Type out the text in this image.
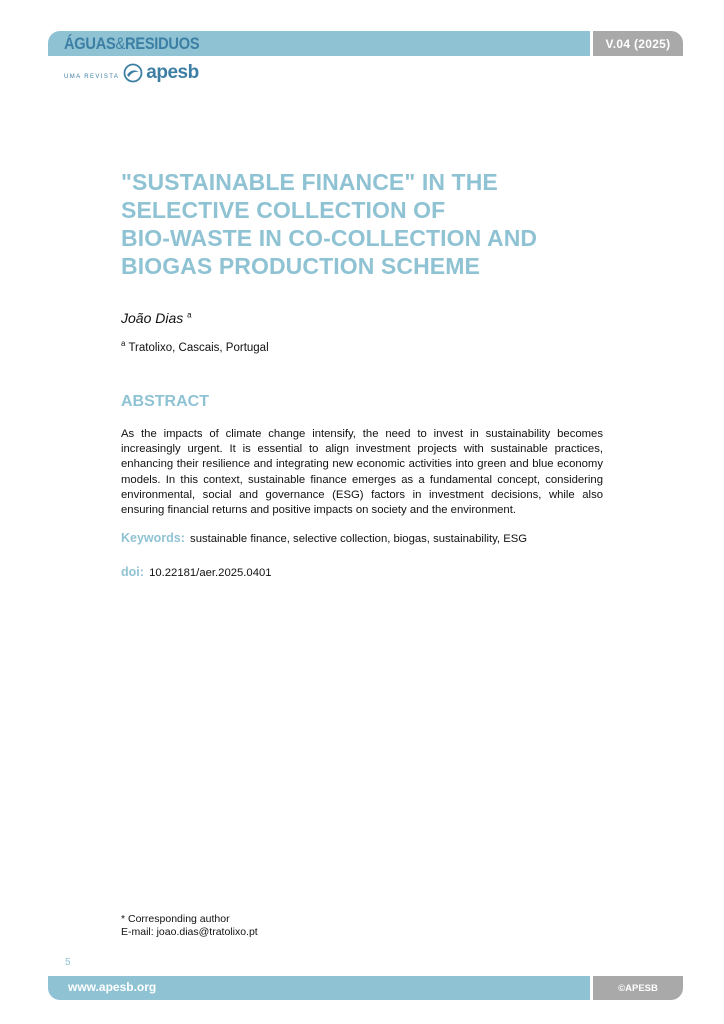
ÁGUAS&RESIDUOS	V.04 (2025)
UMA REVISTA apesb
"SUSTAINABLE FINANCE" IN THE
SELECTIVE COLLECTION OF
BIO-WASTE IN CO-COLLECTION AND
BIOGAS PRODUCTION SCHEME
João Dias $^a$
$^a$ Tratolixo, Cascais, Portugal
ABSTRACT

As the impacts of climate change intensify, the need to invest in sustainability becomes increasingly urgent. It is essential to align investment projects with sustainable practices, enhancing their resilience and integrating new economic activities into green and blue economy models. In this context, sustainable finance emerges as a fundamental concept, considering environmental, social and governance (ESG) factors in investment decisions, while also ensuring financial returns and positive impacts on society and the environment.

Keywords: sustainable finance, selective collection, biogas, sustainability, ESG
doi: 10.22181/aer.2025.0401
* Corresponding author
E-mail: joao.dias@tratolixo.pt
5
www.apesb.org	©APESB
